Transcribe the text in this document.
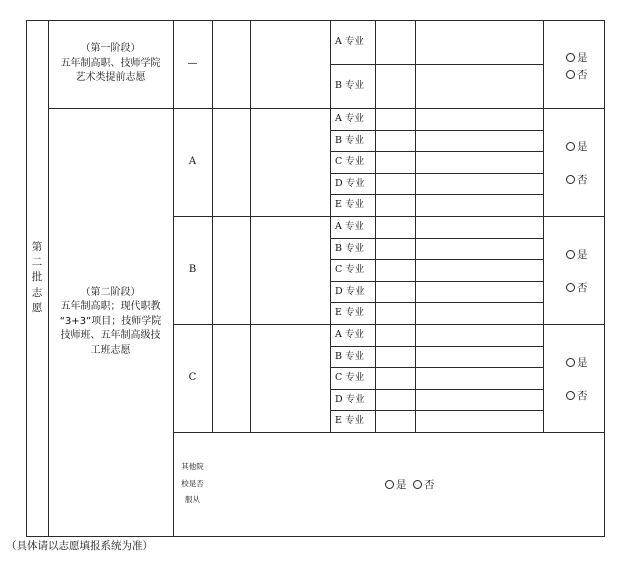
第
二
批
志
愿
（第一阶段）
五年制高职、技师学院
艺术类提前志愿
—
A 专业
B 专业
是
否
（第二阶段）
五年制高职；现代职教
“3+3”项目；技师学院
技师班、五年制高级技
工班志愿
A
A 专业
B 专业
C 专业
D 专业
E 专业
是
否
B
A 专业
B 专业
C 专业
D 专业
E 专业
是
否
C
A 专业
B 专业
C 专业
D 专业
E 专业
是
否
其他院
校是否
服从
是	否
（具体请以志愿填报系统为准）
